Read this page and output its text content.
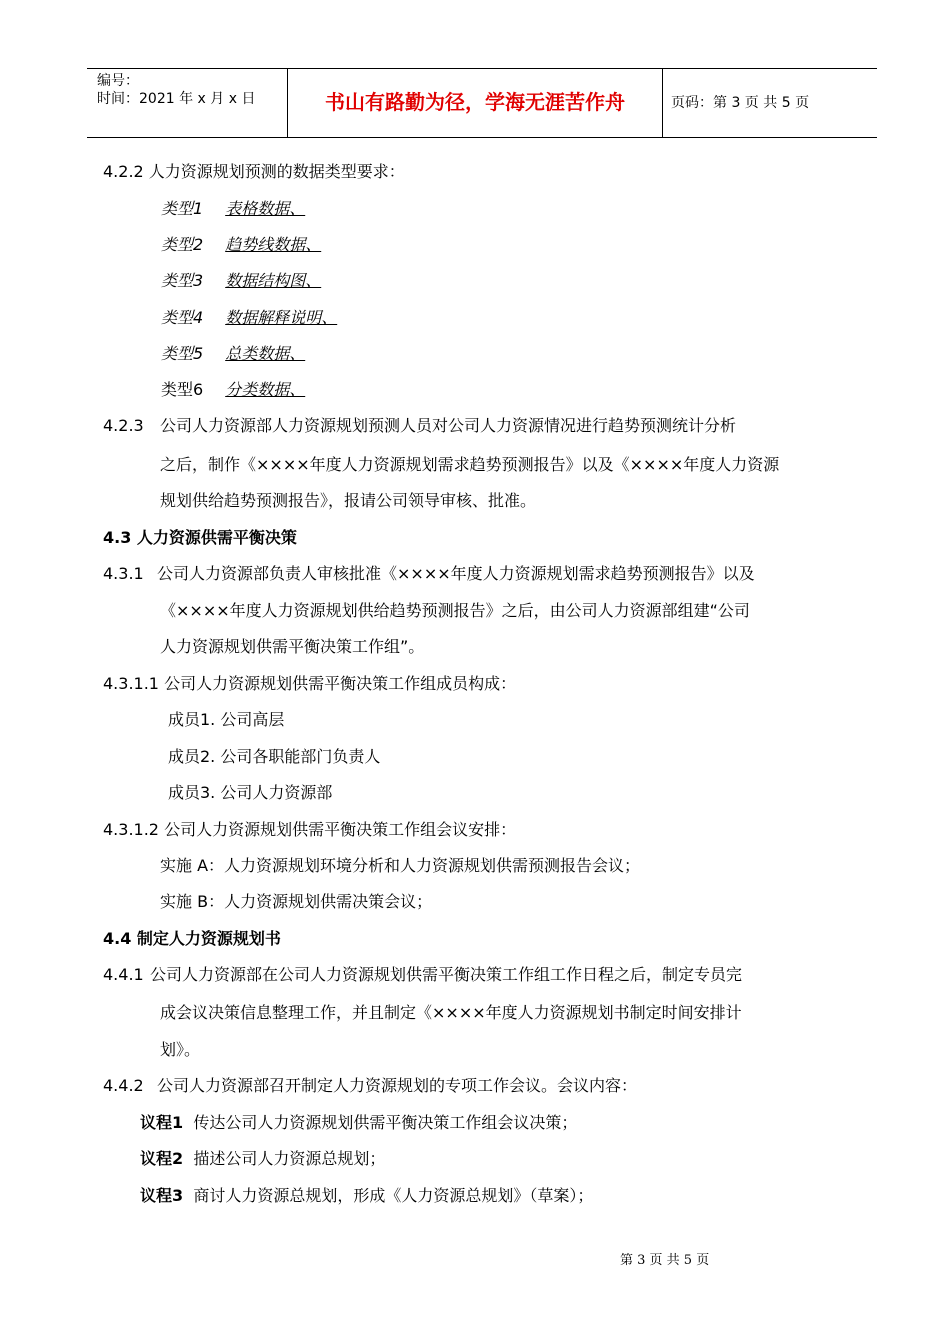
编号：
时间：2021 年 x 月 x 日	书山有路勤为径，学海无涯苦作舟	页码：第 3 页 共 5 页
4.2.2 人力资源规划预测的数据类型要求：
类型1 表格数据、
类型2 趋势线数据、
类型3 数据结构图、
类型4 数据解释说明、
类型5 总类数据、
类型6 分类数据、
4.2.3 公司人力资源部人力资源规划预测人员对公司人力资源情况进行趋势预测统计分析
之后，制作《××××年度人力资源规划需求趋势预测报告》以及《××××年度人力资源
规划供给趋势预测报告》，报请公司领导审核、批准。
4.3 人力资源供需平衡决策
4.3.1 公司人力资源部负责人审核批准《××××年度人力资源规划需求趋势预测报告》以及
《××××年度人力资源规划供给趋势预测报告》之后，由公司人力资源部组建“公司
人力资源规划供需平衡决策工作组”。
4.3.1.1 公司人力资源规划供需平衡决策工作组成员构成：
成员1. 公司高层
成员2. 公司各职能部门负责人
成员3. 公司人力资源部
4.3.1.2 公司人力资源规划供需平衡决策工作组会议安排：
实施 A：人力资源规划环境分析和人力资源规划供需预测报告会议；
实施 B：人力资源规划供需决策会议；
4.4 制定人力资源规划书
4.4.1 公司人力资源部在公司人力资源规划供需平衡决策工作组工作日程之后，制定专员完
成会议决策信息整理工作，并且制定《××××年度人力资源规划书制定时间安排计
划》。
4.4.2 公司人力资源部召开制定人力资源规划的专项工作会议。会议内容：
议程1 传达公司人力资源规划供需平衡决策工作组会议决策；
议程2 描述公司人力资源总规划；
议程3 商讨人力资源总规划，形成《人力资源总规划》（草案）；
第 3 页 共 5 页
